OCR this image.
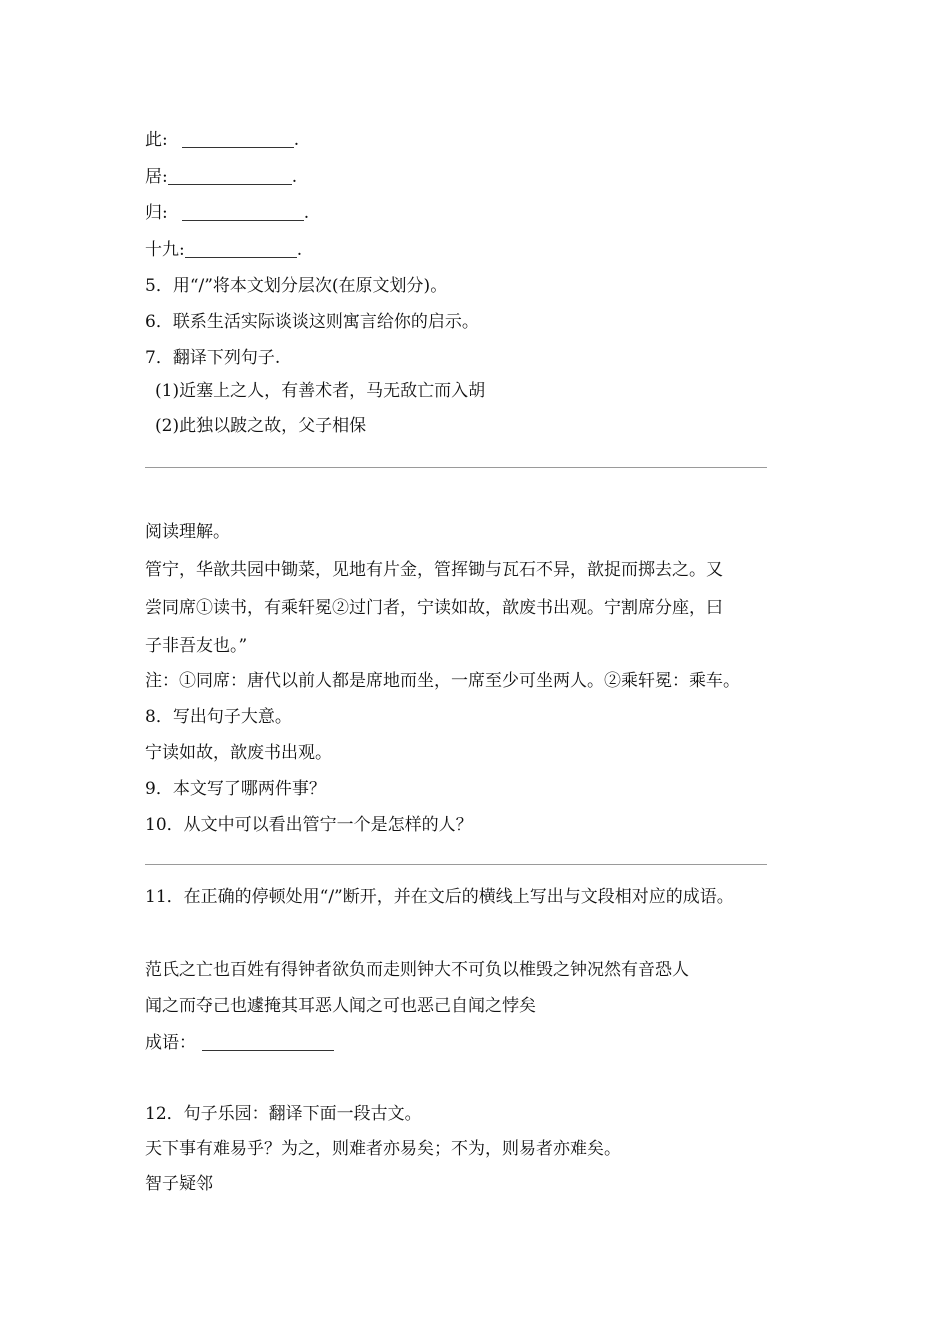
此:	.
居:	.
归:	.
十九:	.
5．用“/”将本文划分层次(在原文划分)。
6．联系生活实际谈谈这则寓言给你的启示。
7．翻译下列句子.
(1)近塞上之人，有善术者，马无敌亡而入胡
(2)此独以跛之故，父子相保
阅读理解。
管宁，华歆共园中锄菜，见地有片金，管挥锄与瓦石不异，歆捉而掷去之。又
尝同席①读书，有乘轩冕②过门者，宁读如故，歆废书出观。宁割席分座，曰
子非吾友也。”
注：①同席：唐代以前人都是席地而坐，一席至少可坐两人。②乘轩冕：乘车。
8．写出句子大意。
宁读如故，歆废书出观。
9．本文写了哪两件事？
10．从文中可以看出管宁一个是怎样的人？
11．在正确的停顿处用“/”断开，并在文后的横线上写出与文段相对应的成语。
范氏之亡也百姓有得钟者欲负而走则钟大不可负以椎毁之钟况然有音恐人
闻之而夺己也遽掩其耳恶人闻之可也恶己自闻之悖矣
成语：
12．句子乐园：翻译下面一段古文。
天下事有难易乎？为之，则难者亦易矣；不为，则易者亦难矣。
智子疑邻
